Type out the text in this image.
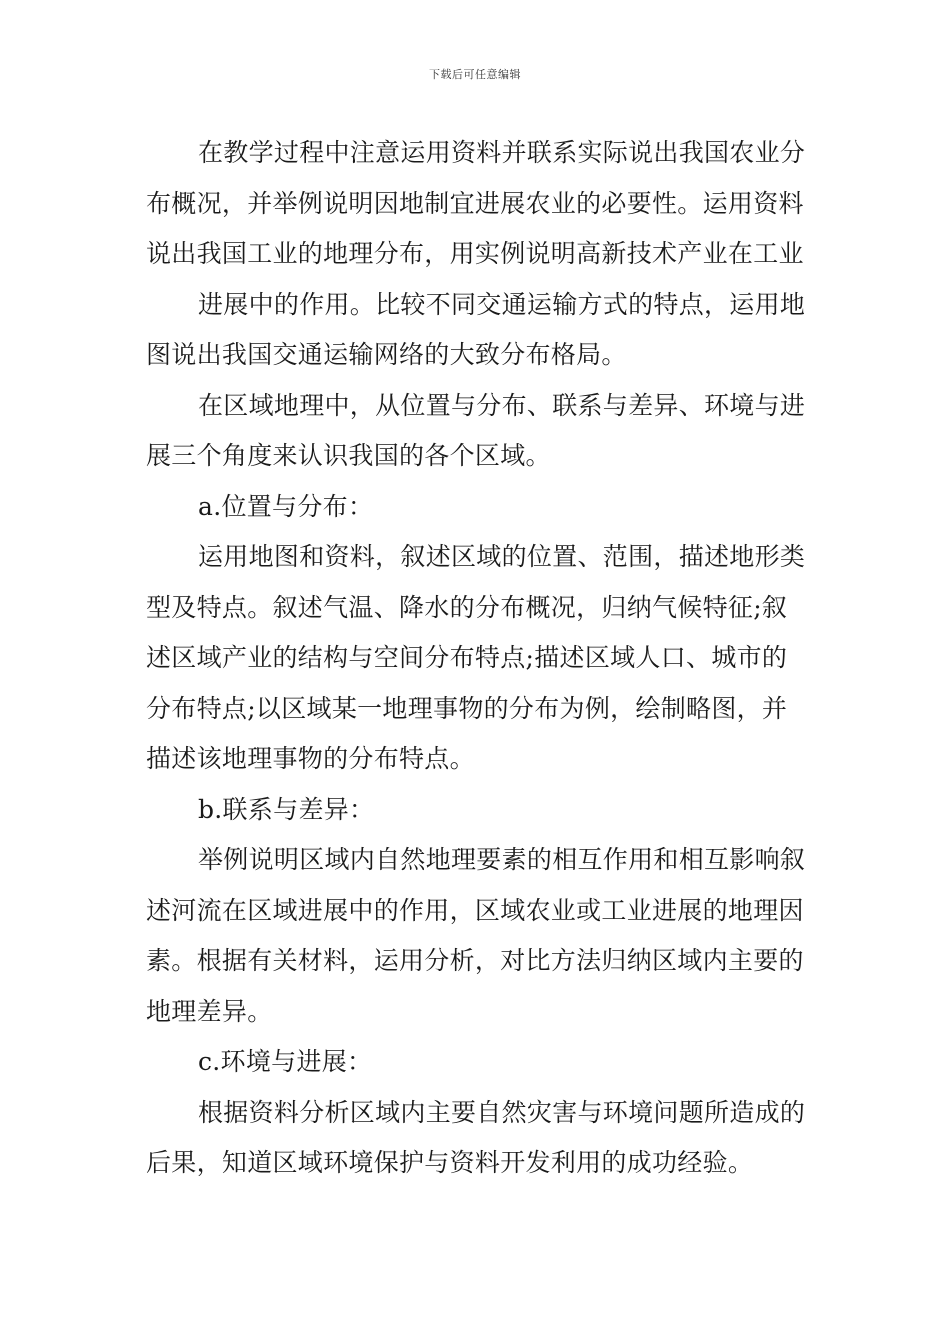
下载后可任意编辑

在教学过程中注意运用资料并联系实际说出我国农业分布概况，并举例说明因地制宜进展农业的必要性。运用资料说出我国工业的地理分布，用实例说明高新技术产业在工业

进展中的作用。比较不同交通运输方式的特点，运用地图说出我国交通运输网络的大致分布格局。

在区域地理中，从位置与分布、联系与差异、环境与进展三个角度来认识我国的各个区域。

a.位置与分布：

运用地图和资料，叙述区域的位置、范围，描述地形类型及特点。叙述气温、降水的分布概况，归纳气候特征;叙述区域产业的结构与空间分布特点;描述区域人口、城市的分布特点;以区域某一地理事物的分布为例，绘制略图，并描述该地理事物的分布特点。

b.联系与差异：

举例说明区域内自然地理要素的相互作用和相互影响叙述河流在区域进展中的作用，区域农业或工业进展的地理因素。根据有关材料，运用分析，对比方法归纳区域内主要的地理差异。

c.环境与进展：

根据资料分析区域内主要自然灾害与环境问题所造成的后果，知道区域环境保护与资料开发利用的成功经验。
